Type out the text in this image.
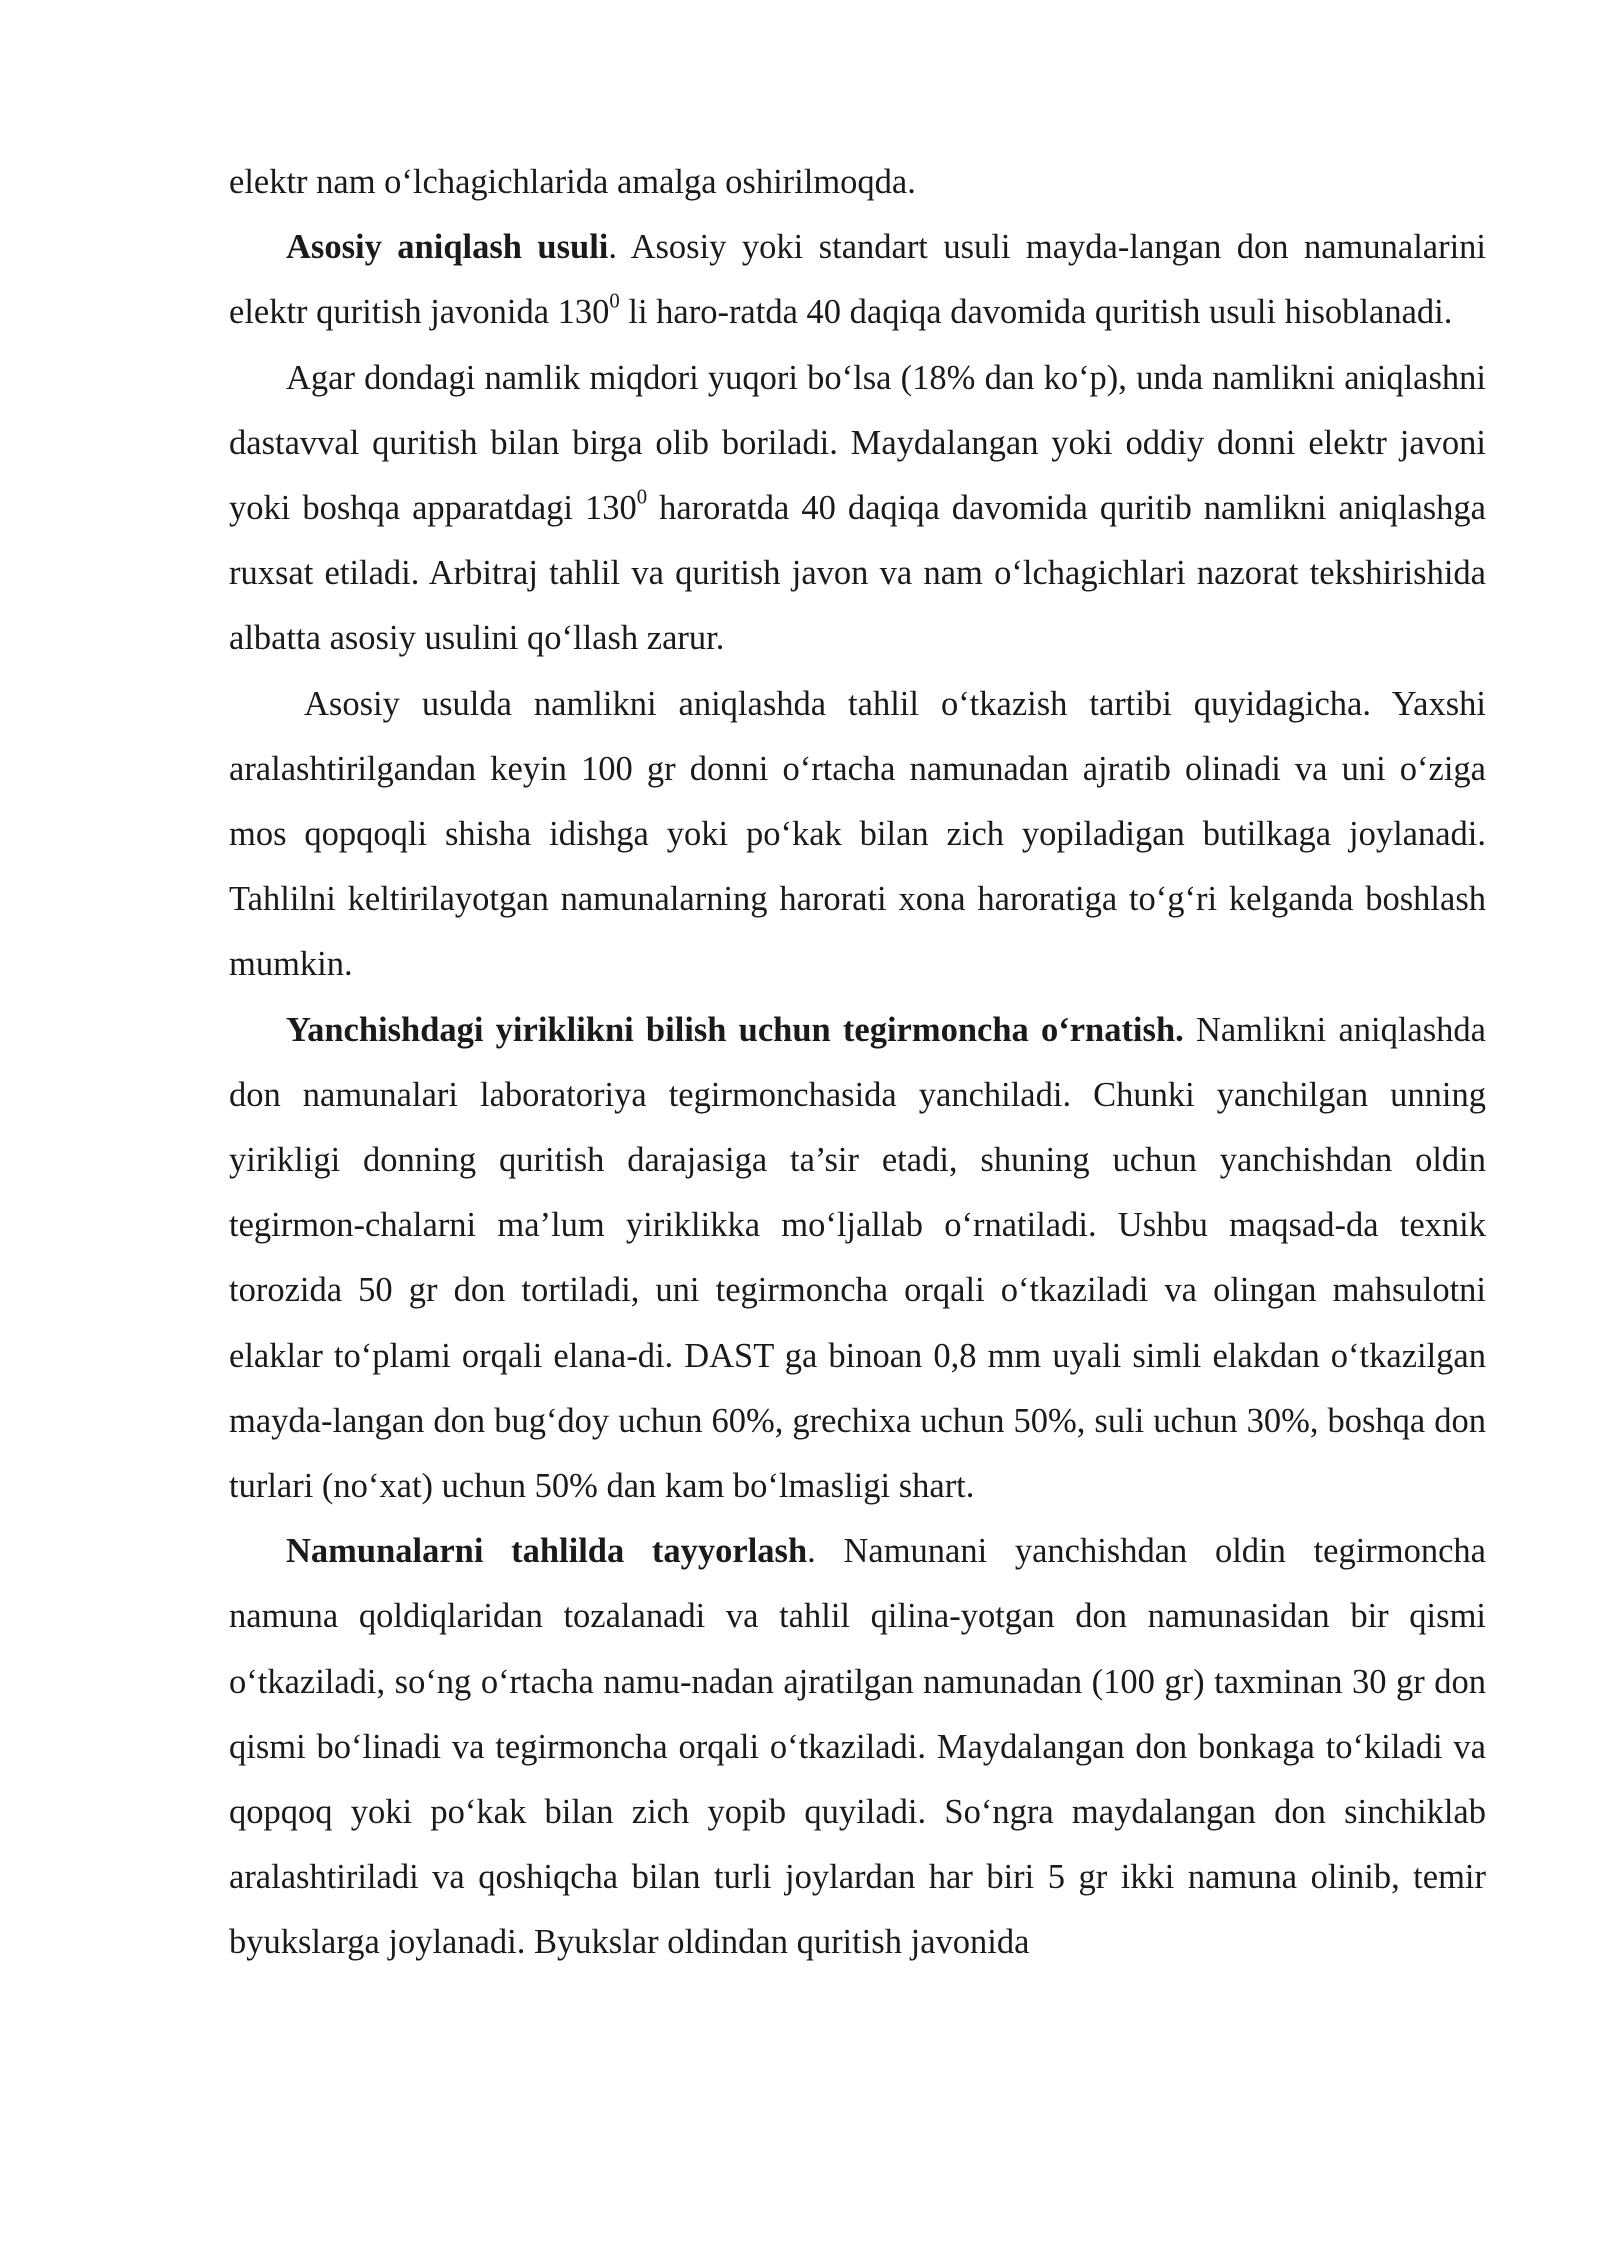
elektr nam o‘lchagichlarida amalga oshirilmoqda.

Asosiy aniqlash usuli. Asosiy yoki standart usuli mayda-langan don namunalarini elektr quritish javonida $130^0$ li haro-ratda 40 daqiqa davomida quritish usuli hisoblanadi.

Agar dondagi namlik miqdori yuqori bo‘lsa (18% dan ko‘p), unda namlikni aniqlashni dastavval quritish bilan birga olib boriladi. Maydalangan yoki oddiy donni elektr javoni yoki boshqa apparatdagi $130^0$ haroratda 40 daqiqa davomida quritib namlikni aniqlashga ruxsat etiladi. Arbitraj tahlil va quritish javon va nam o‘lchagichlari nazorat tekshirishida albatta asosiy usulini qo‘llash zarur.

Asosiy usulda namlikni aniqlashda tahlil o‘tkazish tartibi quyidagicha. Yaxshi aralashtirilgandan keyin 100 gr donni o‘rtacha namunadan ajratib olinadi va uni o‘ziga mos qopqoqli shisha idishga yoki po‘kak bilan zich yopiladigan butilkaga joylanadi. Tahlilni keltirilayotgan namunalarning harorati xona haroratiga to‘g‘ri kelganda boshlash mumkin.

Yanchishdagi yiriklikni bilish uchun tegirmoncha o‘rnatish. Namlikni aniqlashda don namunalari laboratoriya tegirmonchasida yanchiladi. Chunki yanchilgan unning yirikligi donning quritish darajasiga ta’sir etadi, shuning uchun yanchishdan oldin tegirmon-chalarni ma’lum yiriklikka mo‘ljallab o‘rnatiladi. Ushbu maqsad-da texnik torozida 50 gr don tortiladi, uni tegirmoncha orqali o‘tkaziladi va olingan mahsulotni elaklar to‘plami orqali elana-di. DAST ga binoan 0,8 mm uyali simli elakdan o‘tkazilgan mayda-langan don bug‘doy uchun 60%, grechixa uchun 50%, suli uchun 30%, boshqa don turlari (no‘xat) uchun 50% dan kam bo‘lmasligi shart.

Namunalarni tahlilda tayyorlash. Namunani yanchishdan oldin tegirmoncha namuna qoldiqlaridan tozalanadi va tahlil qilina-yotgan don namunasidan bir qismi o‘tkaziladi, so‘ng o‘rtacha namu-nadan ajratilgan namunadan (100 gr) taxminan 30 gr don qismi bo‘linadi va tegirmoncha orqali o‘tkaziladi. Maydalangan don bonkaga to‘kiladi va qopqoq yoki po‘kak bilan zich yopib quyiladi. So‘ngra maydalangan don sinchiklab aralashtiriladi va qoshiqcha bilan turli joylardan har biri 5 gr ikki namuna olinib, temir byukslarga joylanadi. Byukslar oldindan quritish javonida
